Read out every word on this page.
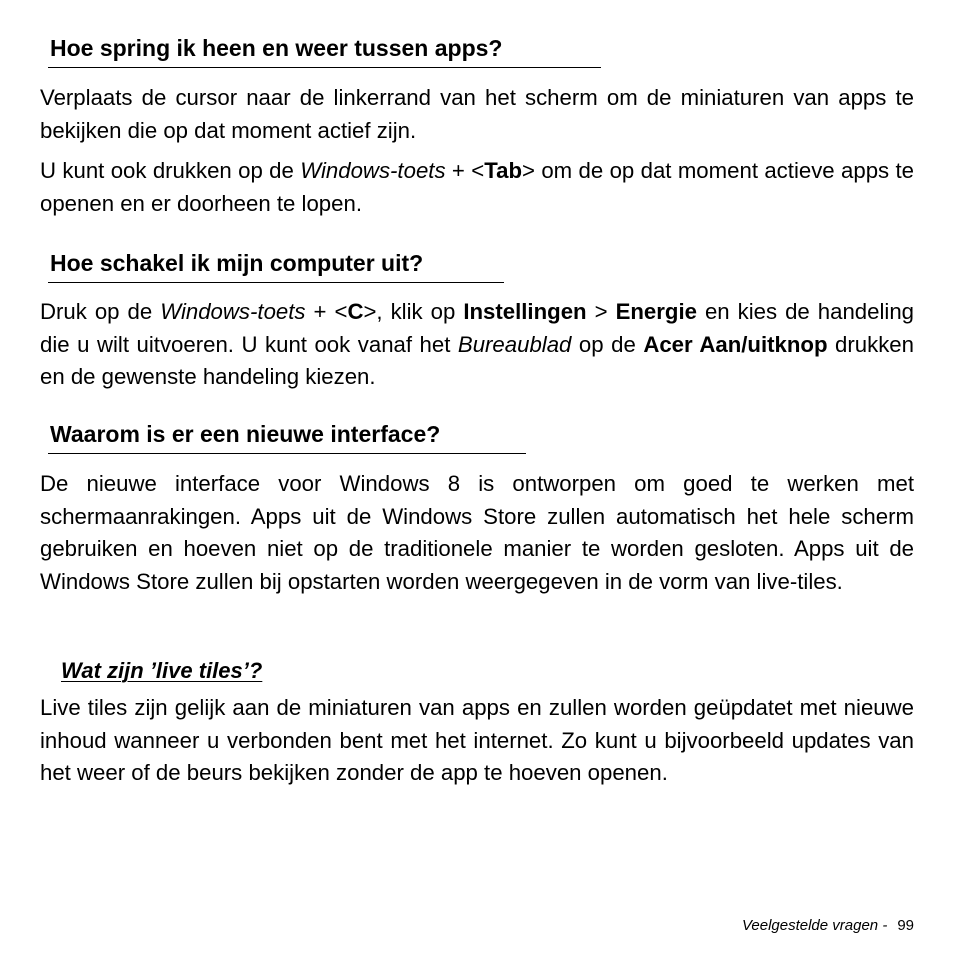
Hoe spring ik heen en weer tussen apps?

Verplaats de cursor naar de linkerrand van het scherm om de miniaturen van apps te bekijken die op dat moment actief zijn.

U kunt ook drukken op de Windows-toets + <Tab> om de op dat moment actieve apps te openen en er doorheen te lopen.

Hoe schakel ik mijn computer uit?

Druk op de Windows-toets + <C>, klik op Instellingen > Energie en kies de handeling die u wilt uitvoeren. U kunt ook vanaf het Bureaublad op de Acer Aan/uitknop drukken en de gewenste handeling kiezen.

Waarom is er een nieuwe interface?

De nieuwe interface voor Windows 8 is ontworpen om goed te werken met schermaanrakingen. Apps uit de Windows Store zullen automatisch het hele scherm gebruiken en hoeven niet op de traditionele manier te worden gesloten. Apps uit de Windows Store zullen bij opstarten worden weergegeven in de vorm van live-tiles.

Wat zijn ’live tiles’?

Live tiles zijn gelijk aan de miniaturen van apps en zullen worden geüpdatet met nieuwe inhoud wanneer u verbonden bent met het internet. Zo kunt u bijvoorbeeld updates van het weer of de beurs bekijken zonder de app te hoeven openen.

Veelgestelde vragen - 99
